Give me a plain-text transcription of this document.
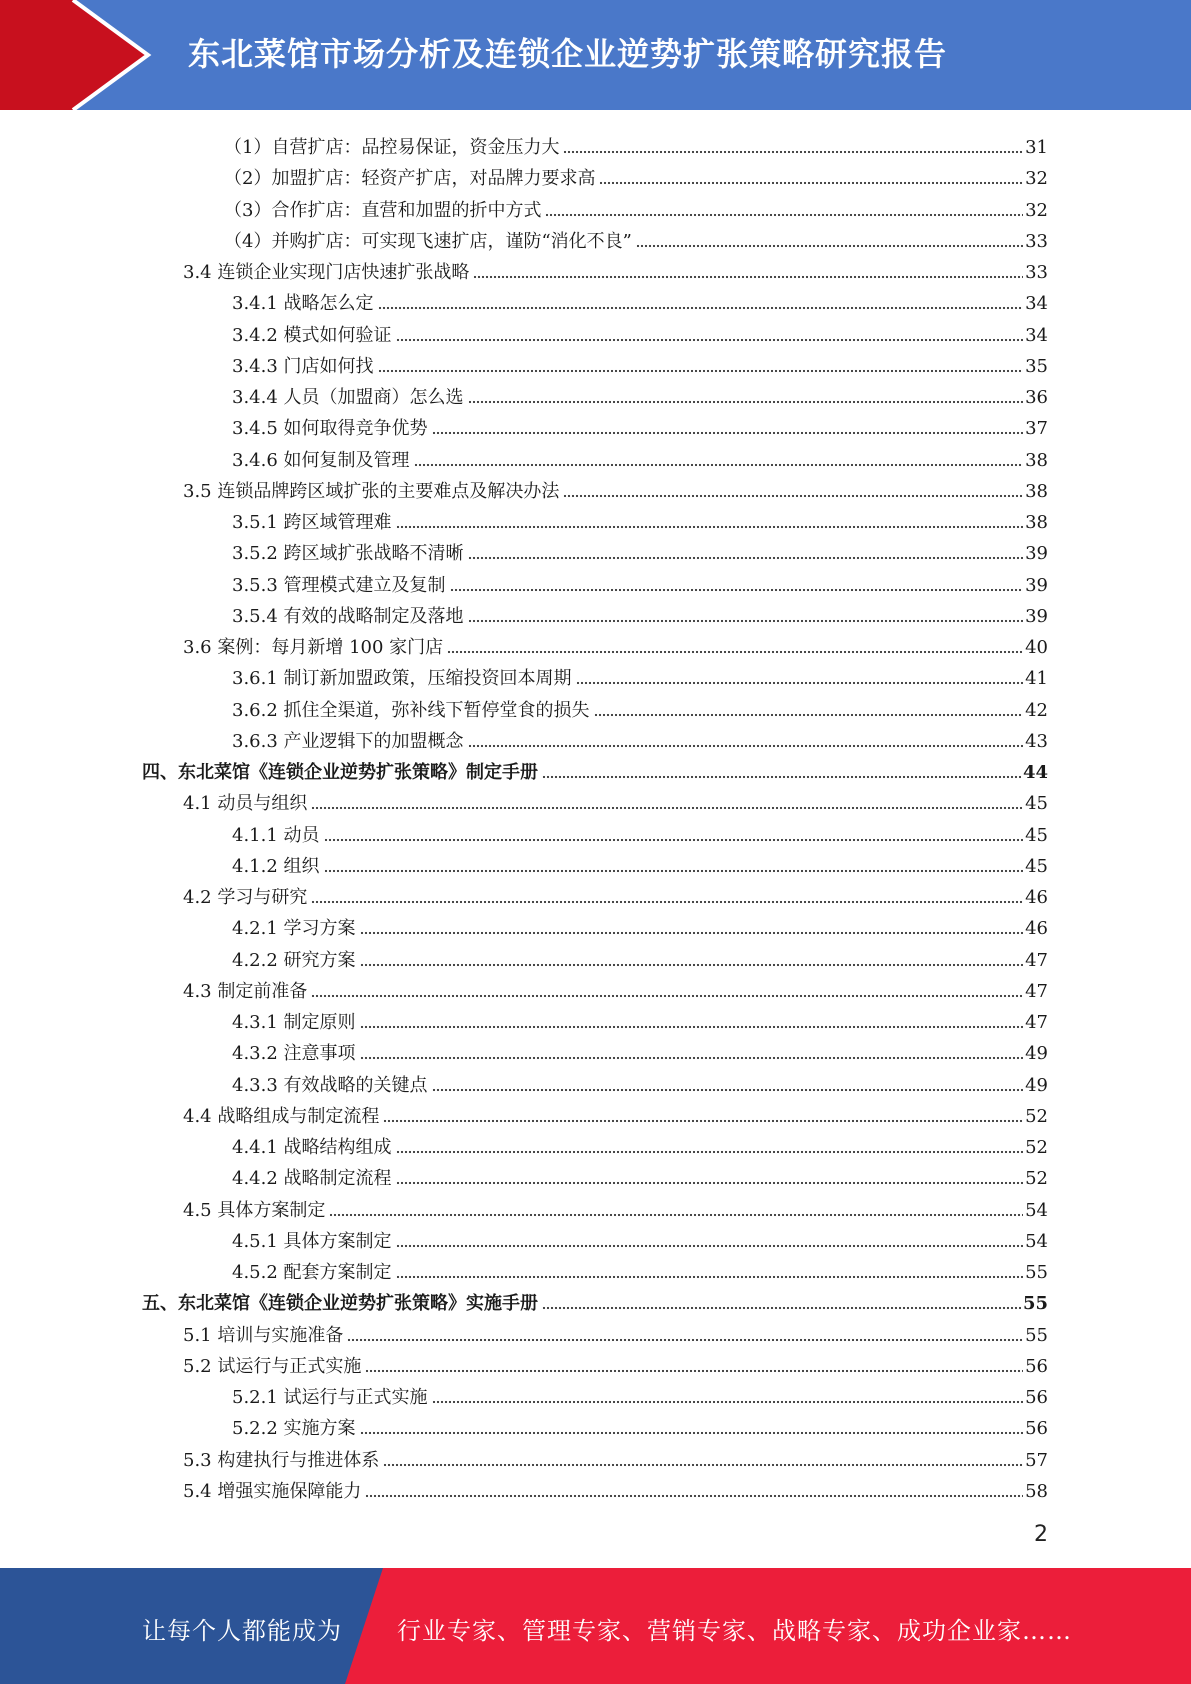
东北菜馆市场分析及连锁企业逆势扩张策略研究报告
（1）自营扩店：品控易保证，资金压力大	31
（2）加盟扩店：轻资产扩店，对品牌力要求高	32
（3）合作扩店：直营和加盟的折中方式	32
（4）并购扩店：可实现飞速扩店，谨防“消化不良”	33
3.4 连锁企业实现门店快速扩张战略	33
3.4.1 战略怎么定	34
3.4.2 模式如何验证	34
3.4.3 门店如何找	35
3.4.4 人员（加盟商）怎么选	36
3.4.5 如何取得竞争优势	37
3.4.6 如何复制及管理	38
3.5 连锁品牌跨区域扩张的主要难点及解决办法	38
3.5.1 跨区域管理难	38
3.5.2 跨区域扩张战略不清晰	39
3.5.3 管理模式建立及复制	39
3.5.4 有效的战略制定及落地	39
3.6 案例：每月新增 100 家门店	40
3.6.1 制订新加盟政策，压缩投资回本周期	41
3.6.2 抓住全渠道，弥补线下暂停堂食的损失	42
3.6.3 产业逻辑下的加盟概念	43
四、东北菜馆《连锁企业逆势扩张策略》制定手册	44
4.1 动员与组织	45
4.1.1 动员	45
4.1.2 组织	45
4.2 学习与研究	46
4.2.1 学习方案	46
4.2.2 研究方案	47
4.3 制定前准备	47
4.3.1 制定原则	47
4.3.2 注意事项	49
4.3.3 有效战略的关键点	49
4.4 战略组成与制定流程	52
4.4.1 战略结构组成	52
4.4.2 战略制定流程	52
4.5 具体方案制定	54
4.5.1 具体方案制定	54
4.5.2 配套方案制定	55
五、东北菜馆《连锁企业逆势扩张策略》实施手册	55
5.1 培训与实施准备	55
5.2 试运行与正式实施	56
5.2.1 试运行与正式实施	56
5.2.2 实施方案	56
5.3 构建执行与推进体系	57
5.4 增强实施保障能力	58
2
让每个人都能成为 行业专家、管理专家、营销专家、战略专家、成功企业家……
